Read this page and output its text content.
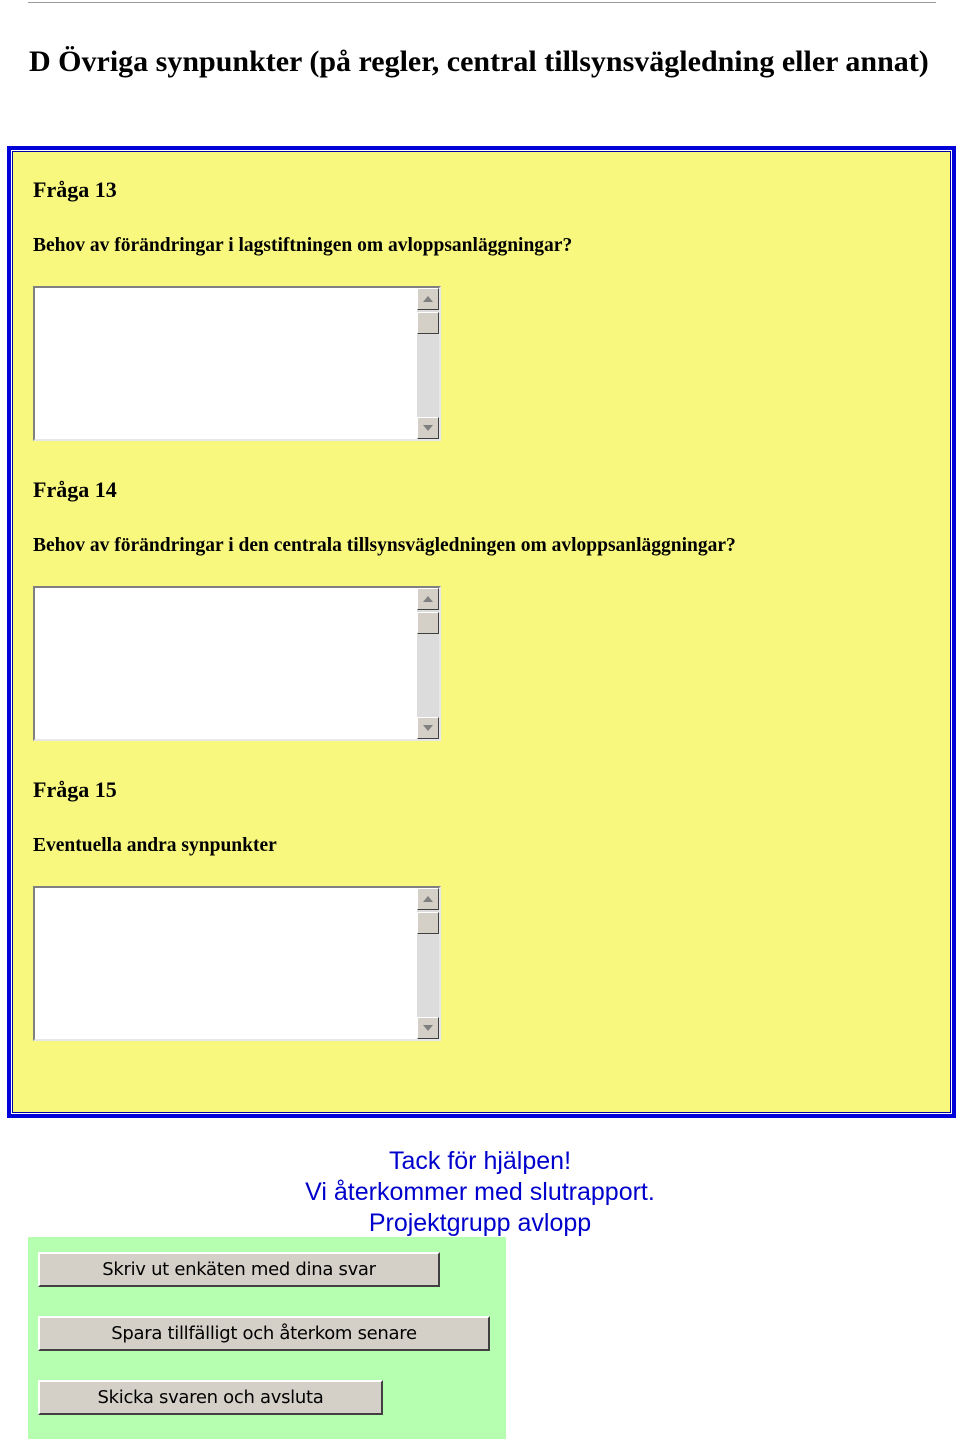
D Övriga synpunkter (på regler, central tillsynsvägledning eller annat)

Fråga 13

Behov av förändringar i lagstiftningen om avloppsanläggningar?

Fråga 14

Behov av förändringar i den centrala tillsynsvägledningen om avloppsanläggningar?

Fråga 15

Eventuella andra synpunkter

Tack för hjälpen!
Vi återkommer med slutrapport.
Projektgrupp avlopp
Skriv ut enkäten med dina svar
Spara tillfälligt och återkom senare
Skicka svaren och avsluta
